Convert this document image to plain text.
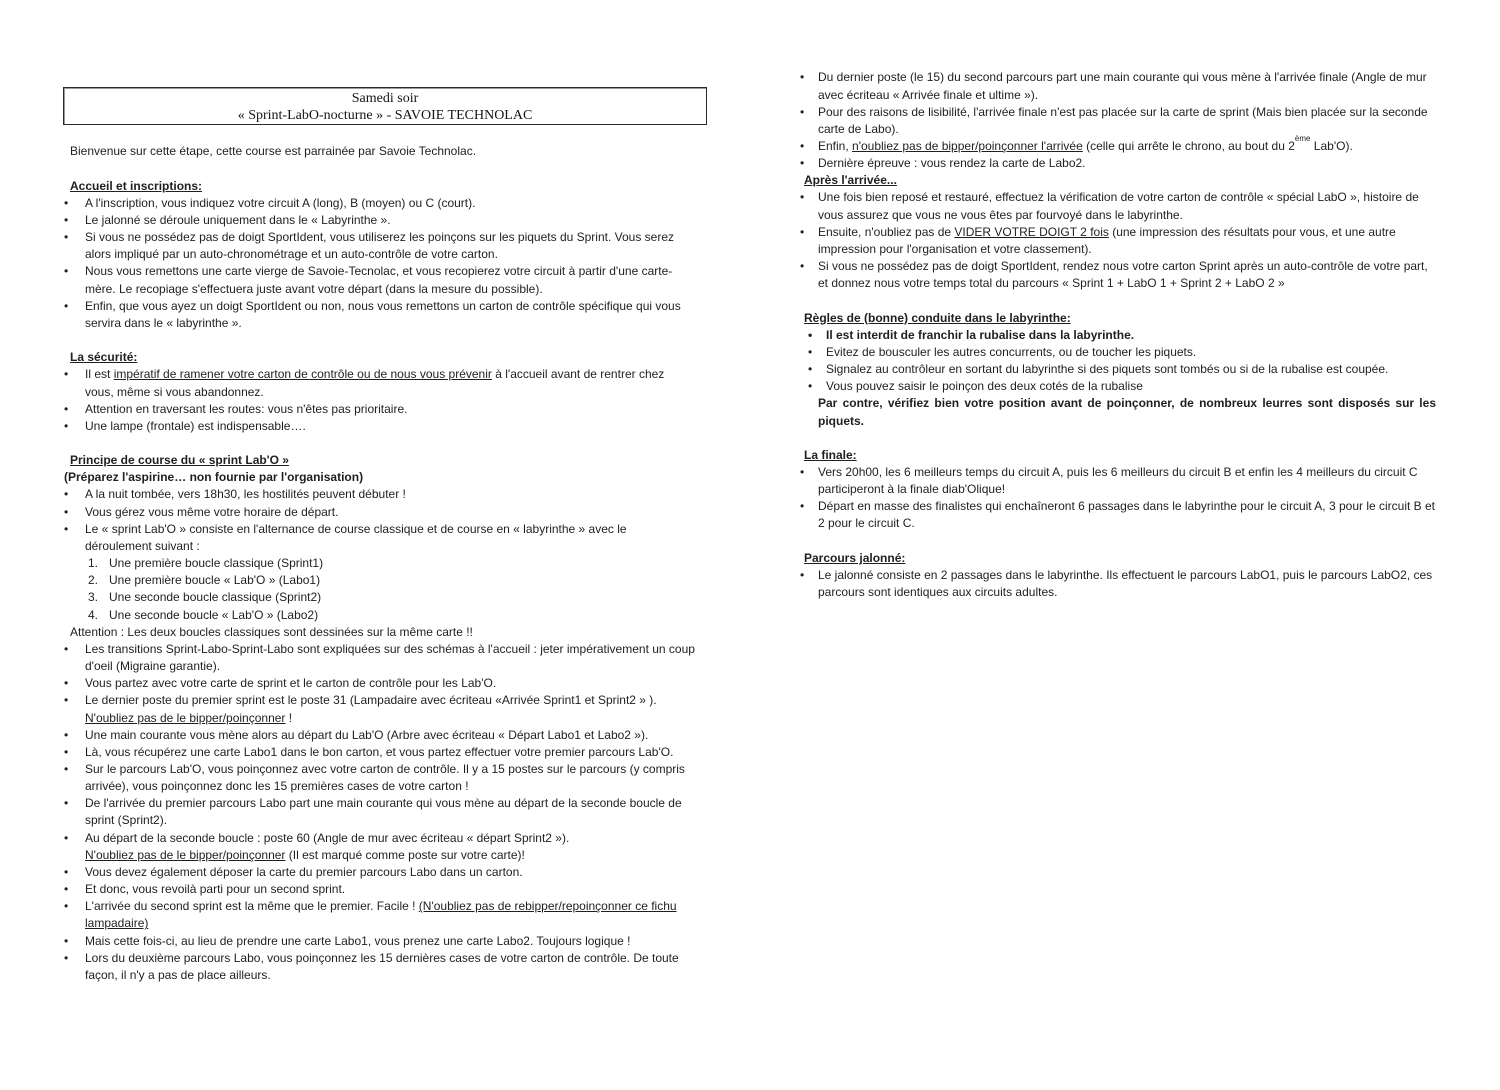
Samedi soir
« Sprint-LabO-nocturne » - SAVOIE TECHNOLAC

Bienvenue sur cette étape, cette course est parrainée par Savoie Technolac.

Accueil et inscriptions:
• A l'inscription, vous indiquez votre circuit A (long), B (moyen) ou C (court).
• Le jalonné se déroule uniquement dans le « Labyrinthe ».
• Si vous ne possédez pas de doigt SportIdent, vous utiliserez les poinçons sur les piquets du Sprint. Vous serez alors impliqué par un auto-chronométrage et un auto-contrôle de votre carton.
• Nous vous remettons une carte vierge de Savoie-Tecnolac, et vous recopierez votre circuit à partir d'une carte-mère. Le recopiage s'effectuera juste avant votre départ (dans la mesure du possible).
• Enfin, que vous ayez un doigt SportIdent ou non, nous vous remettons un carton de contrôle spécifique qui vous servira dans le « labyrinthe ».
La sécurité:
• Il est impératif de ramener votre carton de contrôle ou de nous vous prévenir à l'accueil avant de rentrer chez vous, même si vous abandonnez.
• Attention en traversant les routes: vous n'êtes pas prioritaire.
• Une lampe (frontale) est indispensable….
Principe de course du « sprint Lab'O »

(Préparez l'aspirine… non fournie par l'organisation)

• A la nuit tombée, vers 18h30, les hostilités peuvent débuter !
• Vous gérez vous même votre horaire de départ.
• Le « sprint Lab'O » consiste en l'alternance de course classique et de course en « labyrinthe » avec le déroulement suivant :
1. Une première boucle classique (Sprint1)
2. Une première boucle « Lab'O » (Labo1)
3. Une seconde boucle classique (Sprint2)
4. Une seconde boucle « Lab'O » (Labo2)

Attention : Les deux boucles classiques sont dessinées sur la même carte !!

• Les transitions Sprint-Labo-Sprint-Labo sont expliquées sur des schémas à l'accueil : jeter impérativement un coup d'oeil (Migraine garantie).
• Vous partez avec votre carte de sprint et le carton de contrôle pour les Lab'O.
• Le dernier poste du premier sprint est le poste 31 (Lampadaire avec écriteau «Arrivée Sprint1 et Sprint2 » ). N'oubliez pas de le bipper/poinçonner !
• Une main courante vous mène alors au départ du Lab'O (Arbre avec écriteau « Départ Labo1 et Labo2 »).
• Là, vous récupérez une carte Labo1 dans le bon carton, et vous partez effectuer votre premier parcours Lab'O.
• Sur le parcours Lab'O, vous poinçonnez avec votre carton de contrôle. Il y a 15 postes sur le parcours (y compris arrivée), vous poinçonnez donc les 15 premières cases de votre carton !
• De l'arrivée du premier parcours Labo part une main courante qui vous mène au départ de la seconde boucle de sprint (Sprint2).
• Au départ de la seconde boucle : poste 60 (Angle de mur avec écriteau « départ Sprint2 »).
N'oubliez pas de le bipper/poinçonner (Il est marqué comme poste sur votre carte)!
• Vous devez également déposer la carte du premier parcours Labo dans un carton.
• Et donc, vous revoilà parti pour un second sprint.
• L'arrivée du second sprint est la même que le premier. Facile ! (N'oubliez pas de rebipper/repoinçonner ce fichu lampadaire)
• Mais cette fois-ci, au lieu de prendre une carte Labo1, vous prenez une carte Labo2. Toujours logique !
• Lors du deuxième parcours Labo, vous poinçonnez les 15 dernières cases de votre carton de contrôle. De toute façon, il n'y a pas de place ailleurs.
• Du dernier poste (le 15) du second parcours part une main courante qui vous mène à l'arrivée finale (Angle de mur avec écriteau « Arrivée finale et ultime »).
• Pour des raisons de lisibilité, l'arrivée finale n'est pas placée sur la carte de sprint (Mais bien placée sur la seconde carte de Labo).
• Enfin, n'oubliez pas de bipper/poinçonner l'arrivée (celle qui arrête le chrono, au bout du 2ème Lab'O).
• Dernière épreuve : vous rendez la carte de Labo2.
Après l'arrivée...
• Une fois bien reposé et restauré, effectuez la vérification de votre carton de contrôle « spécial LabO », histoire de vous assurez que vous ne vous êtes par fourvoyé dans le labyrinthe.
• Ensuite, n'oubliez pas de VIDER VOTRE DOIGT 2 fois (une impression des résultats pour vous, et une autre impression pour l'organisation et votre classement).
• Si vous ne possédez pas de doigt SportIdent, rendez nous votre carton Sprint après un auto-contrôle de votre part, et donnez nous votre temps total du parcours « Sprint 1 + LabO 1 + Sprint 2 + LabO 2 »
Règles de (bonne) conduite dans le labyrinthe:
• Il est interdit de franchir la rubalise dans la labyrinthe.
• Evitez de bousculer les autres concurrents, ou de toucher les piquets.
• Signalez au contrôleur en sortant du labyrinthe si des piquets sont tombés ou si de la rubalise est coupée.
• Vous pouvez saisir le poinçon des deux cotés de la rubalise

Par contre, vérifiez bien votre position avant de poinçonner, de nombreux leurres sont disposés sur les piquets.

La finale:
• Vers 20h00, les 6 meilleurs temps du circuit A, puis les 6 meilleurs du circuit B et enfin les 4 meilleurs du circuit C participeront à la finale diab'Olique!
• Départ en masse des finalistes qui enchaîneront 6 passages dans le labyrinthe pour le circuit A, 3 pour le circuit B et 2 pour le circuit C.
Parcours jalonné:
• Le jalonné consiste en 2 passages dans le labyrinthe. Ils effectuent le parcours LabO1, puis le parcours LabO2, ces parcours sont identiques aux circuits adultes.
